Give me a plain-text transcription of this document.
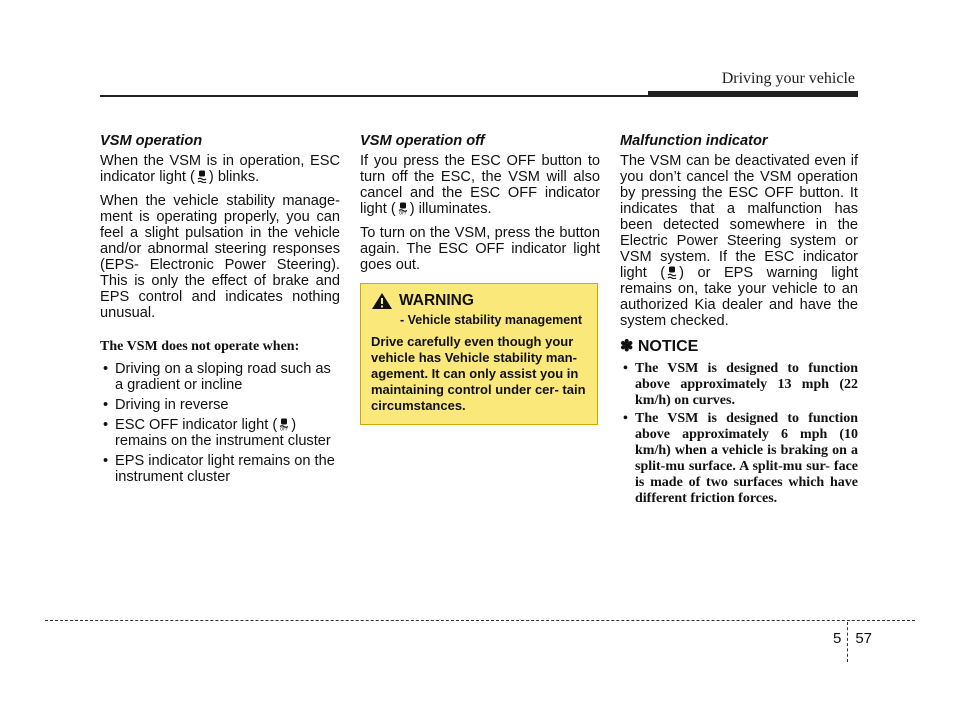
Driving your vehicle
VSM operation

When the VSM is in operation, ESC indicator light ( ) blinks.

When the vehicle stability manage- ment is operating properly, you can feel a slight pulsation in the vehicle and/or abnormal steering responses (EPS- Electronic Power Steering). This is only the effect of brake and EPS control and indicates nothing unusual.

The VSM does not operate when:
• Driving on a sloping road such as a gradient or incline
• Driving in reverse
• ESC OFF indicator light ( OFF ) remains on the instrument cluster
• EPS indicator light remains on the instrument cluster
VSM operation off

If you press the ESC OFF button to turn off the ESC, the VSM will also cancel and the ESC OFF indicator light ( OFF ) illuminates.

To turn on the VSM, press the button again. The ESC OFF indicator light goes out.

WARNING
- Vehicle stability management
Drive carefully even though your vehicle has Vehicle stability man- agement. It can only assist you in maintaining control under cer- tain circumstances.
Malfunction indicator

The VSM can be deactivated even if you don’t cancel the VSM operation by pressing the ESC OFF button. It indicates that a malfunction has been detected somewhere in the Electric Power Steering system or VSM system. If the ESC indicator light ( ) or EPS warning light remains on, take your vehicle to an authorized Kia dealer and have the system checked.

✽ NOTICE
• The VSM is designed to function above approximately 13 mph (22 km/h) on curves.
• The VSM is designed to function above approximately 6 mph (10 km/h) when a vehicle is braking on a split-mu surface. A split-mu sur- face is made of two surfaces which have different friction forces.
5 57
